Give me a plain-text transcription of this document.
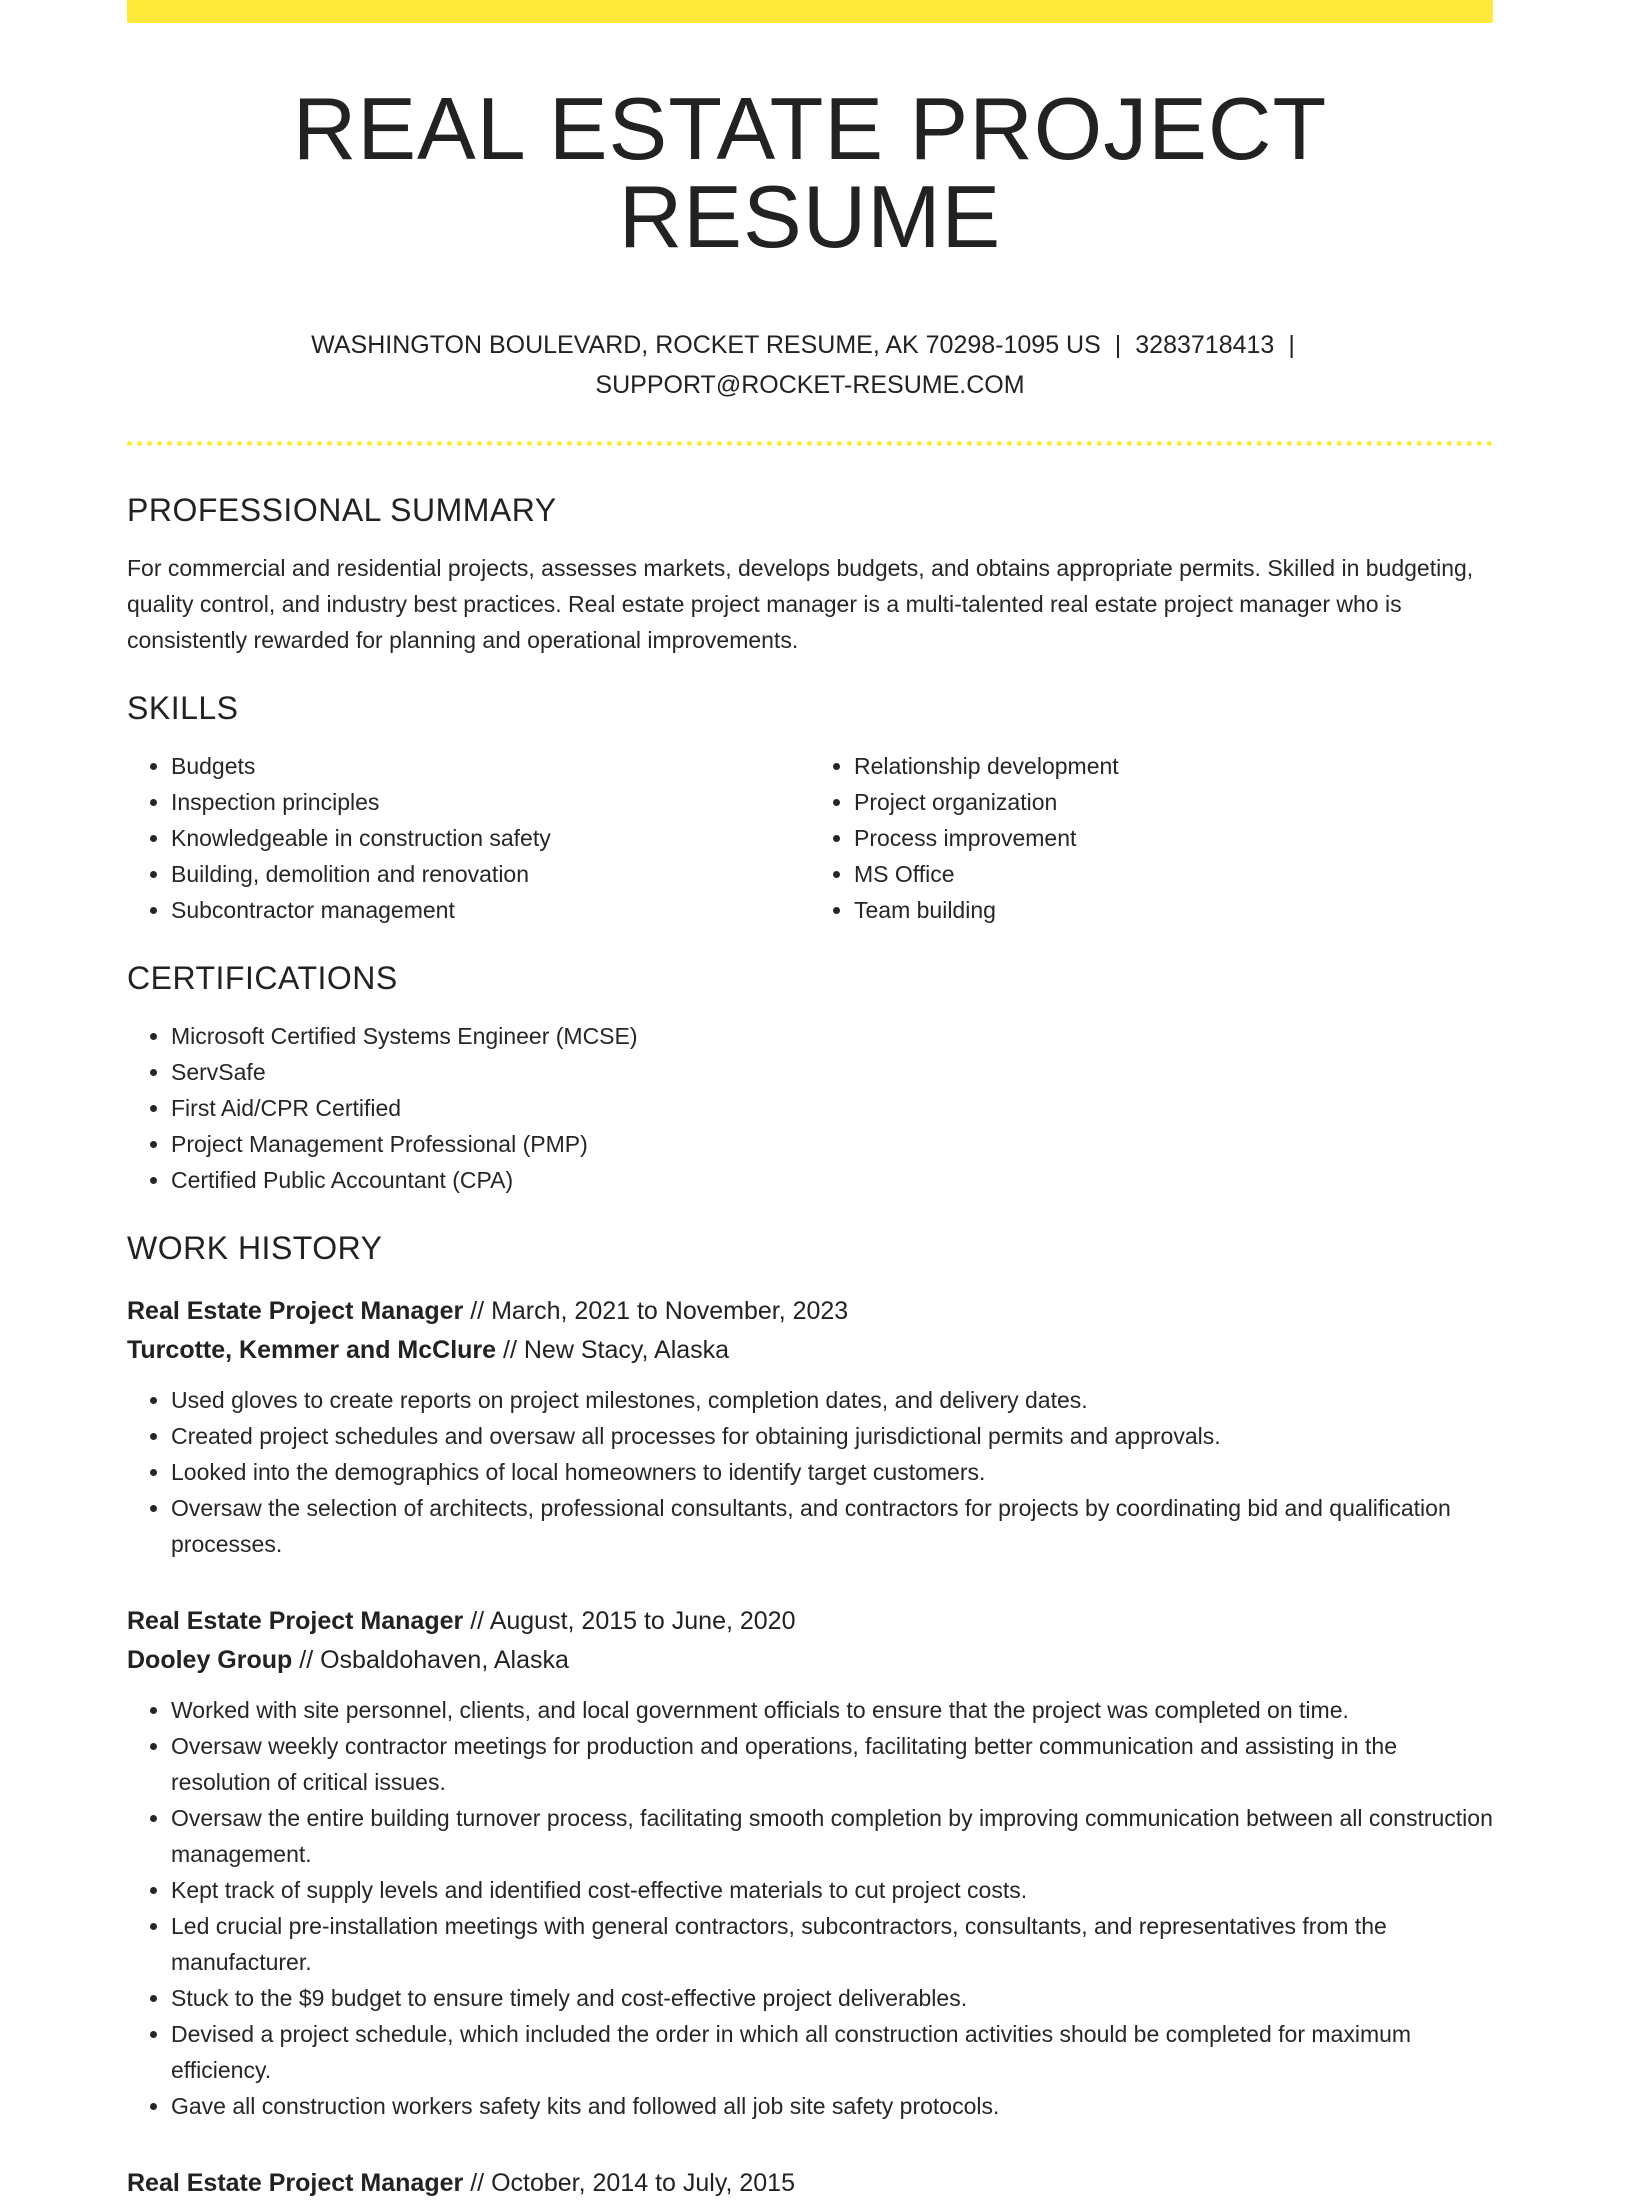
REAL ESTATE PROJECT RESUME
WASHINGTON BOULEVARD, ROCKET RESUME, AK 70298-1095 US | 3283718413 |
SUPPORT@ROCKET-RESUME.COM
PROFESSIONAL SUMMARY

For commercial and residential projects, assesses markets, develops budgets, and obtains appropriate permits. Skilled in budgeting, quality control, and industry best practices. Real estate project manager is a multi-talented real estate project manager who is consistently rewarded for planning and operational improvements.

SKILLS
• Budgets
• Inspection principles
• Knowledgeable in construction safety
• Building, demolition and renovation
• Subcontractor management
• Relationship development
• Project organization
• Process improvement
• MS Office
• Team building
CERTIFICATIONS
• Microsoft Certified Systems Engineer (MCSE)
• ServSafe
• First Aid/CPR Certified
• Project Management Professional (PMP)
• Certified Public Accountant (CPA)
WORK HISTORY
Real Estate Project Manager // March, 2021 to November, 2023
Turcotte, Kemmer and McClure // New Stacy, Alaska
• Used gloves to create reports on project milestones, completion dates, and delivery dates.
• Created project schedules and oversaw all processes for obtaining jurisdictional permits and approvals.
• Looked into the demographics of local homeowners to identify target customers.
• Oversaw the selection of architects, professional consultants, and contractors for projects by coordinating bid and qualification processes.
Real Estate Project Manager // August, 2015 to June, 2020
Dooley Group // Osbaldohaven, Alaska
• Worked with site personnel, clients, and local government officials to ensure that the project was completed on time.
• Oversaw weekly contractor meetings for production and operations, facilitating better communication and assisting in the resolution of critical issues.
• Oversaw the entire building turnover process, facilitating smooth completion by improving communication between all construction management.
• Kept track of supply levels and identified cost-effective materials to cut project costs.
• Led crucial pre-installation meetings with general contractors, subcontractors, consultants, and representatives from the manufacturer.
• Stuck to the $9 budget to ensure timely and cost-effective project deliverables.
• Devised a project schedule, which included the order in which all construction activities should be completed for maximum efficiency.
• Gave all construction workers safety kits and followed all job site safety protocols.
Real Estate Project Manager // October, 2014 to July, 2015
